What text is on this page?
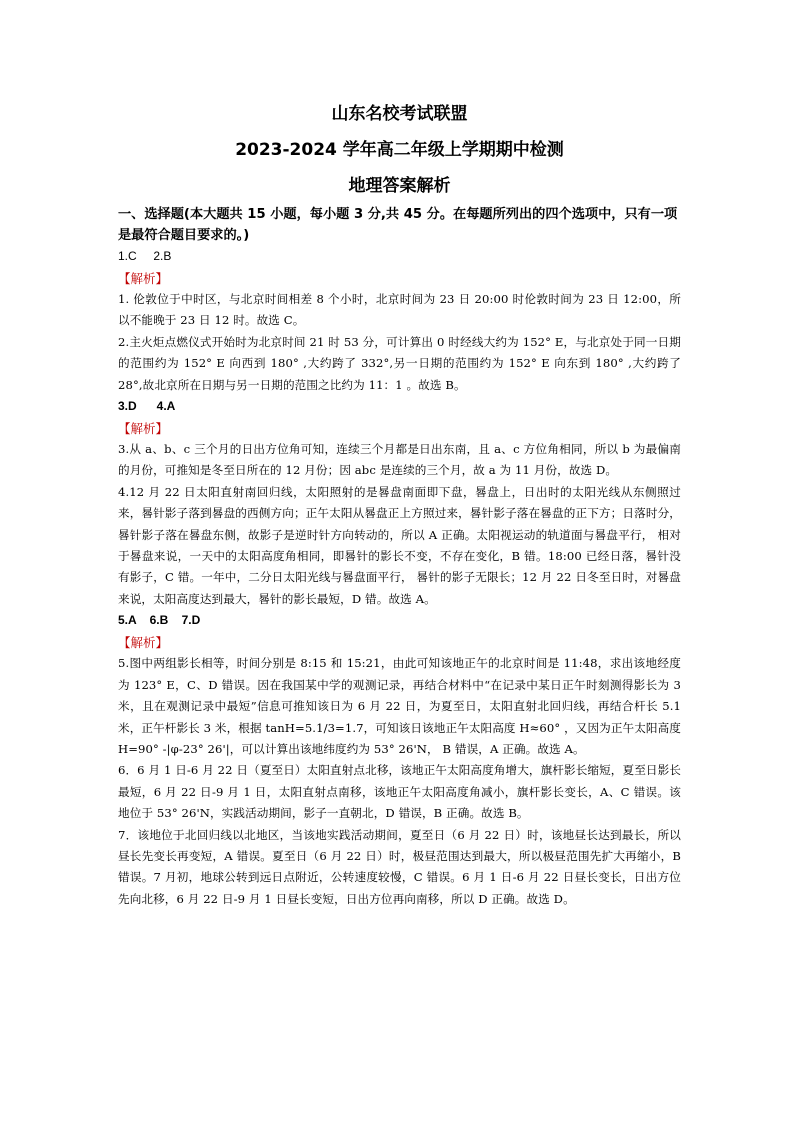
山东名校考试联盟
2023-2024 学年高二年级上学期期中检测
地理答案解析

一、选择题(本大题共 15 小题，每小题 3 分,共 45 分。在每题所列出的四个选项中，只有一项是最符合题目要求的。)

1.C     2.B

【解析】

1. 伦敦位于中时区，与北京时间相差 8 个小时，北京时间为 23 日 20:00 时伦敦时间为 23 日 12:00，所以不能晚于 23 日 12 时。故选 C。

2.主火炬点燃仪式开始时为北京时间 21 时 53 分，可计算出 0 时经线大约为 152° E，与北京处于同一日期的范围约为 152° E 向西到 180° ,大约跨了 332°,另一日期的范围约为 152° E 向东到 180° ,大约跨了 28°,故北京所在日期与另一日期的范围之比约为 11：1 。故选 B。

3.D      4.A

【解析】

3.从 a、b、c 三个月的日出方位角可知，连续三个月都是日出东南，且 a、c 方位角相同，所以 b 为最偏南的月份，可推知是冬至日所在的 12 月份；因 abc 是连续的三个月，故 a 为 11 月份，故选 D。

4.12 月 22 日太阳直射南回归线，太阳照射的是晷盘南面即下盘，晷盘上，日出时的太阳光线从东侧照过来，晷针影子落到晷盘的西侧方向；正午太阳从晷盘正上方照过来，晷针影子落在晷盘的正下方；日落时分，晷针影子落在晷盘东侧，故影子是逆时针方向转动的，所以 A 正确。太阳视运动的轨道面与晷盘平行， 相对于晷盘来说，一天中的太阳高度角相同，即晷针的影长不变，不存在变化，B 错。18:00 已经日落，晷针没有影子，C 错。一年中，二分日太阳光线与晷盘面平行， 晷针的影子无限长；12 月 22 日冬至日时，对晷盘来说，太阳高度达到最大，晷针的影长最短，D 错。故选 A。

5.A    6.B    7.D

【解析】

5.图中两组影长相等，时间分别是 8:15 和 15:21，由此可知该地正午的北京时间是 11:48，求出该地经度为 123° E，C、D 错误。因在我国某中学的观测记录，再结合材料中“在记录中某日正午时刻测得影长为 3 米，且在观测记录中最短”信息可推知该日为 6 月 22 日，为夏至日，太阳直射北回归线，再结合杆长 5.1 米，正午杆影长 3 米，根据 tanH=5.1/3=1.7，可知该日该地正午太阳高度 H≈60° ，又因为正午太阳高度 H=90° -|φ-23° 26'|，可以计算出该地纬度约为 53° 26'N， B 错误，A 正确。故选 A。

6．6 月 1 日-6 月 22 日（夏至日）太阳直射点北移，该地正午太阳高度角增大，旗杆影长缩短，夏至日影长最短，6 月 22 日-9 月 1 日，太阳直射点南移，该地正午太阳高度角减小，旗杆影长变长，A、C 错误。该地位于 53° 26'N，实践活动期间，影子一直朝北，D 错误，B 正确。故选 B。

7．该地位于北回归线以北地区，当该地实践活动期间，夏至日（6 月 22 日）时，该地昼长达到最长，所以昼长先变长再变短，A 错误。夏至日（6 月 22 日）时，极昼范围达到最大，所以极昼范围先扩大再缩小，B 错误。7 月初，地球公转到远日点附近，公转速度较慢，C 错误。6 月 1 日-6 月 22 日昼长变长，日出方位先向北移，6 月 22 日-9 月 1 日昼长变短，日出方位再向南移，所以 D 正确。故选 D。
